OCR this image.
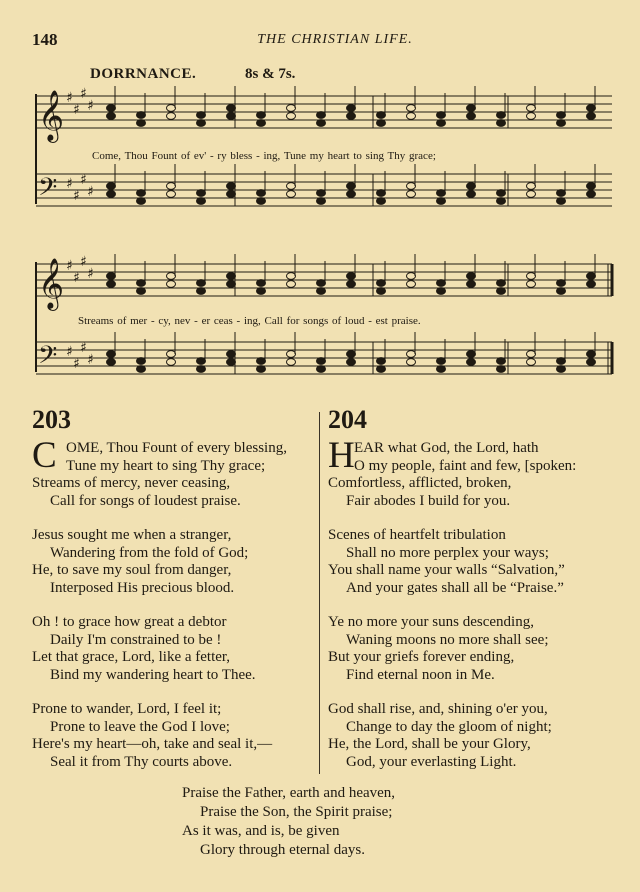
148	THE CHRISTIAN LIFE.
DORRNANCE.	8s & 7s.
𝄞 ♯
♯
♯
♯
𝄢 ♯
♯
♯
♯
Come, Thou Fount of ev' - ry bless - ing, Tune my heart to sing Thy grace;
𝄞 ♯
♯
♯
♯
𝄢 ♯
♯
♯
♯
Streams of mer - cy, nev - er ceas - ing, Call for songs of loud - est praise.
203
C OME, Thou Fount of every blessing,
Tune my heart to sing Thy grace;
Streams of mercy, never ceasing,
Call for songs of loudest praise.
Jesus sought me when a stranger,
Wandering from the fold of God;
He, to save my soul from danger,
Interposed His precious blood.
Oh ! to grace how great a debtor
Daily I'm constrained to be !
Let that grace, Lord, like a fetter,
Bind my wandering heart to Thee.
Prone to wander, Lord, I feel it;
Prone to leave the God I love;
Here's my heart—oh, take and seal it,—
Seal it from Thy courts above.
204
H EAR what God, the Lord, hath
O my people, faint and few, [spoken:
Comfortless, afflicted, broken,
Fair abodes I build for you.
Scenes of heartfelt tribulation
Shall no more perplex your ways;
You shall name your walls “Salvation,”
And your gates shall all be “Praise.”
Ye no more your suns descending,
Waning moons no more shall see;
But your griefs forever ending,
Find eternal noon in Me.
God shall rise, and, shining o'er you,
Change to day the gloom of night;
He, the Lord, shall be your Glory,
God, your everlasting Light.
Praise the Father, earth and heaven,
Praise the Son, the Spirit praise;
As it was, and is, be given
Glory through eternal days.
